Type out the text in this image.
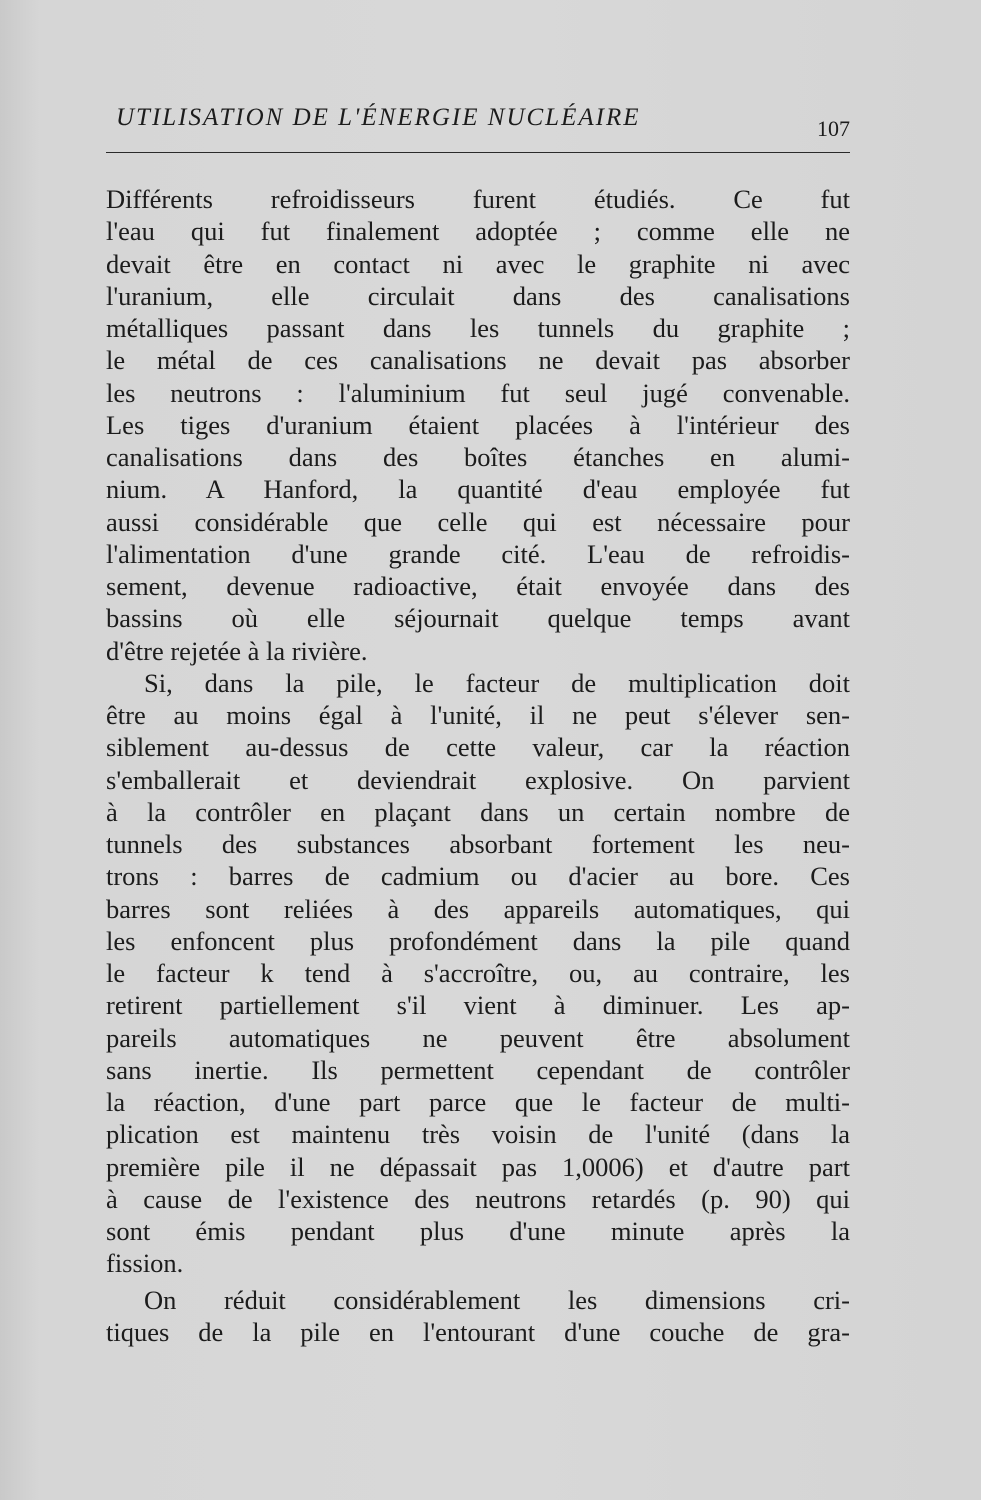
UTILISATION DE L'ÉNERGIE NUCLÉAIRE	107
Différents refroidisseurs furent étudiés. Ce fut
l'eau qui fut finalement adoptée ; comme elle ne
devait être en contact ni avec le graphite ni avec
l'uranium, elle circulait dans des canalisations
métalliques passant dans les tunnels du graphite ;
le métal de ces canalisations ne devait pas absorber
les neutrons : l'aluminium fut seul jugé convenable.
Les tiges d'uranium étaient placées à l'intérieur des
canalisations dans des boîtes étanches en alumi-
nium. A Hanford, la quantité d'eau employée fut
aussi considérable que celle qui est nécessaire pour
l'alimentation d'une grande cité. L'eau de refroidis-
sement, devenue radioactive, était envoyée dans des
bassins où elle séjournait quelque temps avant
d'être rejetée à la rivière.
Si, dans la pile, le facteur de multiplication doit
être au moins égal à l'unité, il ne peut s'élever sen-
siblement au-dessus de cette valeur, car la réaction
s'emballerait et deviendrait explosive. On parvient
à la contrôler en plaçant dans un certain nombre de
tunnels des substances absorbant fortement les neu-
trons : barres de cadmium ou d'acier au bore. Ces
barres sont reliées à des appareils automatiques, qui
les enfoncent plus profondément dans la pile quand
le facteur k tend à s'accroître, ou, au contraire, les
retirent partiellement s'il vient à diminuer. Les ap-
pareils automatiques ne peuvent être absolument
sans inertie. Ils permettent cependant de contrôler
la réaction, d'une part parce que le facteur de multi-
plication est maintenu très voisin de l'unité (dans la
première pile il ne dépassait pas 1,0006) et d'autre part
à cause de l'existence des neutrons retardés (p. 90) qui
sont émis pendant plus d'une minute après la
fission.
On réduit considérablement les dimensions cri-
tiques de la pile en l'entourant d'une couche de gra-
